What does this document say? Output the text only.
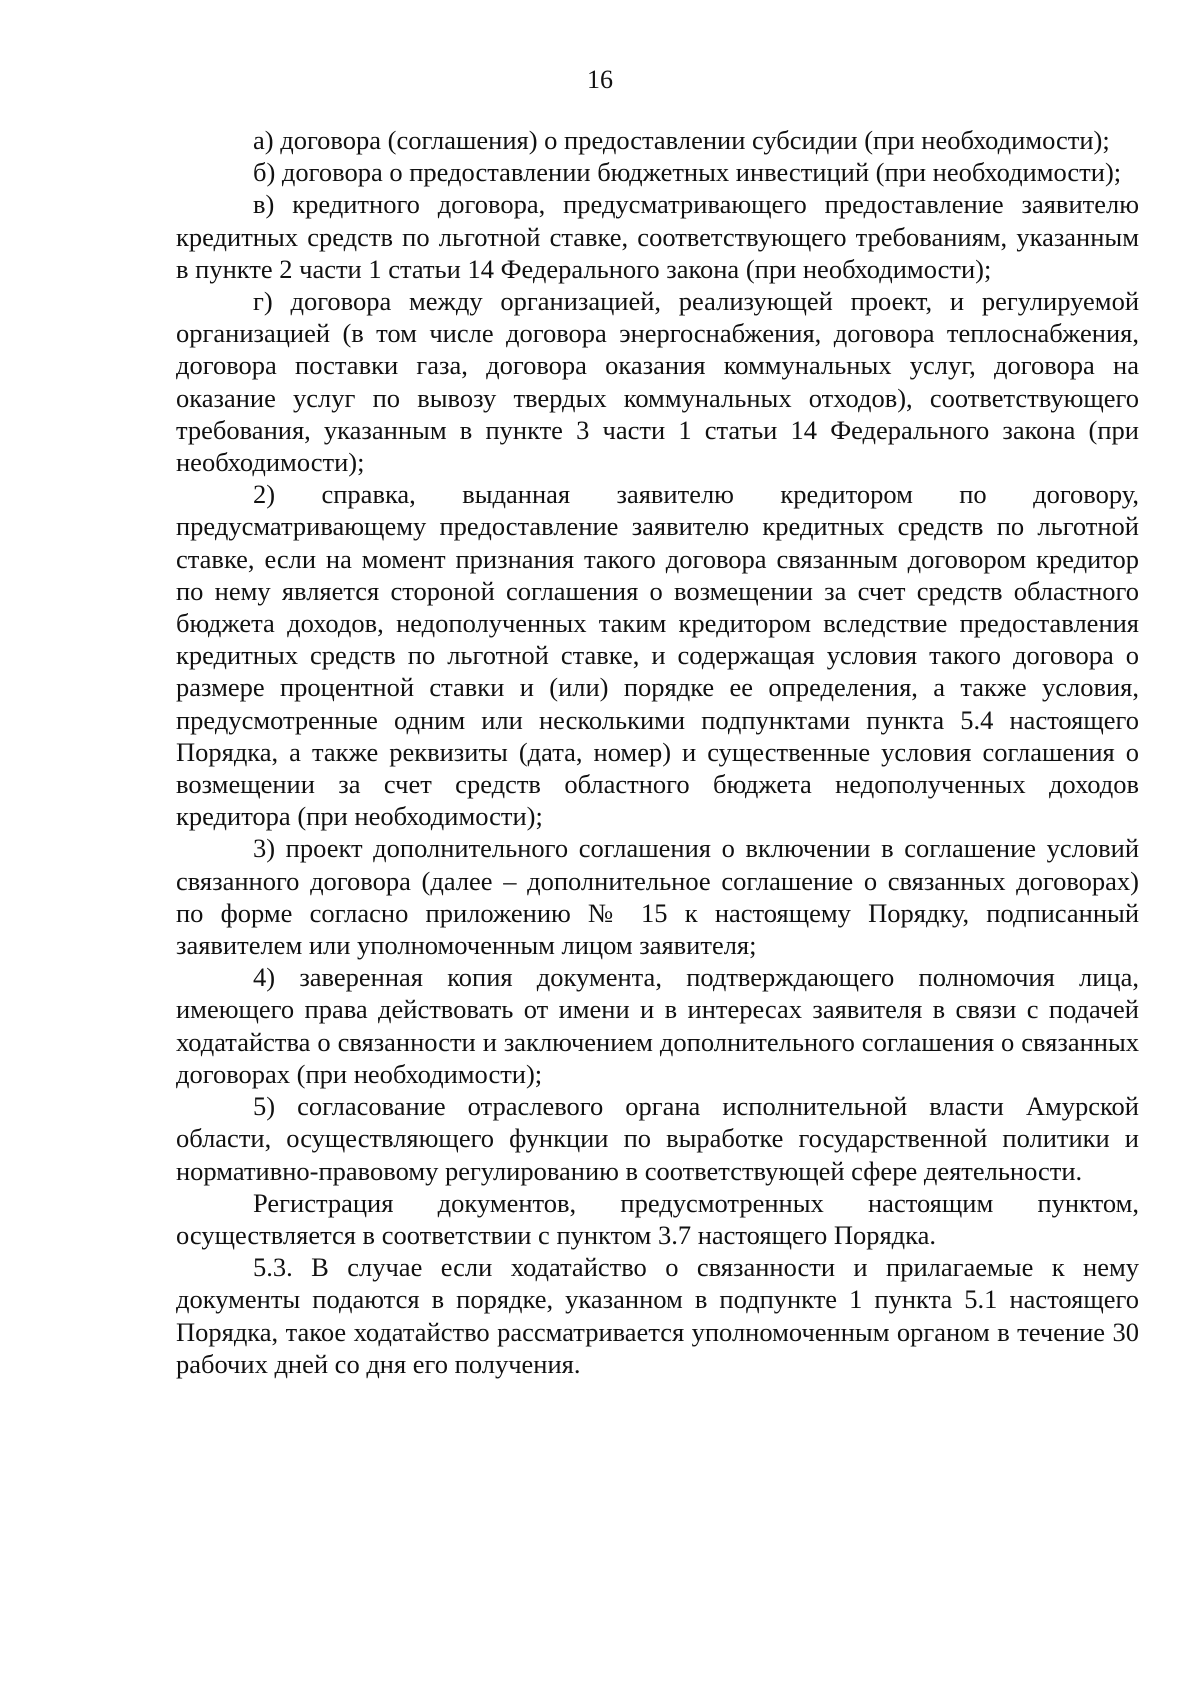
16

а) договора (соглашения) о предоставлении субсидии (при необходимости);

б) договора о предоставлении бюджетных инвестиций (при необходимости);

в) кредитного договора, предусматривающего предоставление заявителю кредитных средств по льготной ставке, соответствующего требованиям, указанным в пункте 2 части 1 статьи 14 Федерального закона (при необходимости);

г) договора между организацией, реализующей проект, и регулируемой организацией (в том числе договора энергоснабжения, договора теплоснабжения, договора поставки газа, договора оказания коммунальных услуг, договора на оказание услуг по вывозу твердых коммунальных отходов), соответствующего требования, указанным в пункте 3 части 1 статьи 14 Федерального закона (при необходимости);

2) справка, выданная заявителю кредитором по договору, предусматривающему предоставление заявителю кредитных средств по льготной ставке, если на момент признания такого договора связанным договором кредитор по нему является стороной соглашения о возмещении за счет средств областного бюджета доходов, недополученных таким кредитором вследствие предоставления кредитных средств по льготной ставке, и содержащая условия такого договора о размере процентной ставки и (или) порядке ее определения, а также условия, предусмотренные одним или несколькими подпунктами пункта 5.4 настоящего Порядка, а также реквизиты (дата, номер) и существенные условия соглашения о возмещении за счет средств областного бюджета недополученных доходов кредитора (при необходимости);

3) проект дополнительного соглашения о включении в соглашение условий связанного договора (далее – дополнительное соглашение о связанных договорах) по форме согласно приложению № 15 к настоящему Порядку, подписанный заявителем или уполномоченным лицом заявителя;

4) заверенная копия документа, подтверждающего полномочия лица, имеющего права действовать от имени и в интересах заявителя в связи с подачей ходатайства о связанности и заключением дополнительного соглашения о связанных договорах (при необходимости);

5) согласование отраслевого органа исполнительной власти Амурской области, осуществляющего функции по выработке государственной политики и нормативно-правовому регулированию в соответствующей сфере деятельности.

Регистрация документов, предусмотренных настоящим пунктом, осуществляется в соответствии с пунктом 3.7 настоящего Порядка.

5.3. В случае если ходатайство о связанности и прилагаемые к нему документы подаются в порядке, указанном в подпункте 1 пункта 5.1 настоящего Порядка, такое ходатайство рассматривается уполномоченным органом в течение 30 рабочих дней со дня его получения.
